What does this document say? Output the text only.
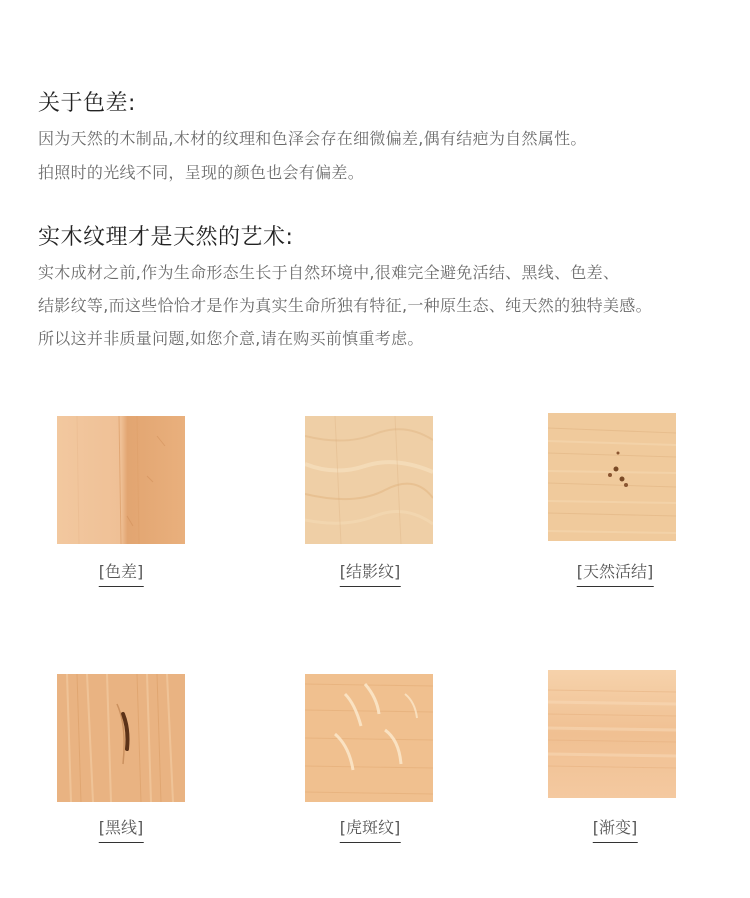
关于色差:

因为天然的木制品,木材的纹理和色泽会存在细微偏差,偶有结疤为自然属性。

拍照时的光线不同，呈现的颜色也会有偏差。

实木纹理才是天然的艺术:

实木成材之前,作为生命形态生长于自然环境中,很难完全避免活结、黑线、色差、

结影纹等,而这些恰恰才是作为真实生命所独有特征,一种原生态、纯天然的独特美感。

所以这并非质量问题,如您介意,请在购买前慎重考虑。

[色差]	[结影纹]	[天然活结]
[黑线]	[虎斑纹]	[渐变]
